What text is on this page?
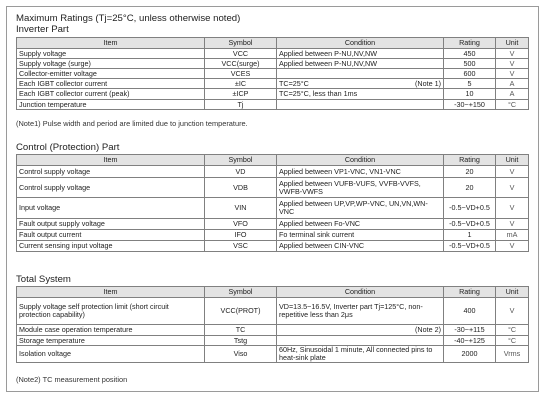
Maximum Ratings (Tj=25°C, unless otherwise noted)
Inverter Part
Item	Symbol	Condition	Rating	Unit
Supply voltage	VCC	Applied between P-NU,NV,NW	450	V
Supply voltage (surge)	VCC(surge)	Applied between P-NU,NV,NW	500	V
Collector-emitter voltage	VCES		600	V
Each IGBT collector current	±IC	TC=25°C (Note 1)	5	A
Each IGBT collector current (peak)	±ICP	TC=25°C, less than 1ms	10	A
Junction temperature	Tj		-30~+150	°C
(Note1) Pulse width and period are limited due to junction temperature.
Control (Protection) Part
Item	Symbol	Condition	Rating	Unit
Control supply voltage	VD	Applied between VP1-VNC, VN1-VNC	20	V
Control supply voltage	VDB	Applied between VUFB-VUFS, VVFB-VVFS, VWFB-VWFS	20	V
Input voltage	VIN	Applied between UP,VP,WP-VNC, UN,VN,WN-VNC	-0.5~VD+0.5	V
Fault output supply voltage	VFO	Applied between Fo-VNC	-0.5~VD+0.5	V
Fault output current	IFO	Fo terminal sink current	1	mA
Current sensing input voltage	VSC	Applied between CIN-VNC	-0.5~VD+0.5	V
Total System
Item	Symbol	Condition	Rating	Unit
Supply voltage self protection limit (short circuit protection capability)	VCC(PROT)	VD=13.5~16.5V, Inverter part Tj=125°C, non-repetitive less than 2μs	400	V
Module case operation temperature	TC	(Note 2)	-30~+115	°C
Storage temperature	Tstg		-40~+125	°C
Isolation voltage	Viso	60Hz, Sinusoidal 1 minute, All connected pins to heat-sink plate	2000	Vrms
(Note2) TC measurement position
